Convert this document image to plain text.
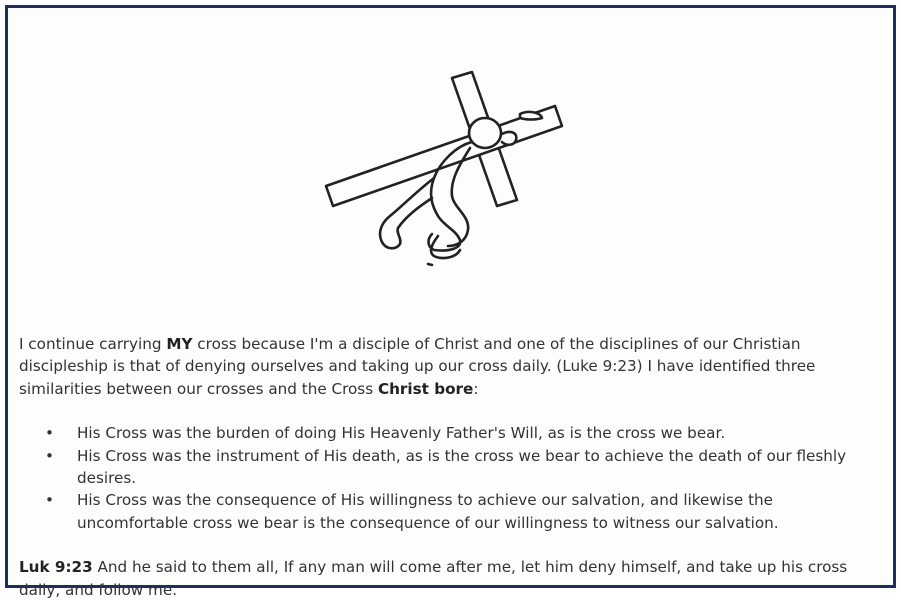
I continue carrying MY cross because I'm a disciple of Christ and one of the disciplines of our Christian discipleship is that of denying ourselves and taking up our cross daily. (Luke 9:23) I have identified three similarities between our crosses and the Cross Christ bore:

• His Cross was the burden of doing His Heavenly Father's Will, as is the cross we bear.
• His Cross was the instrument of His death, as is the cross we bear to achieve the death of our fleshly desires.
• His Cross was the consequence of His willingness to achieve our salvation, and likewise the uncomfortable cross we bear is the consequence of our willingness to witness our salvation.

Luk 9:23 And he said to them all, If any man will come after me, let him deny himself, and take up his cross daily, and follow me.
